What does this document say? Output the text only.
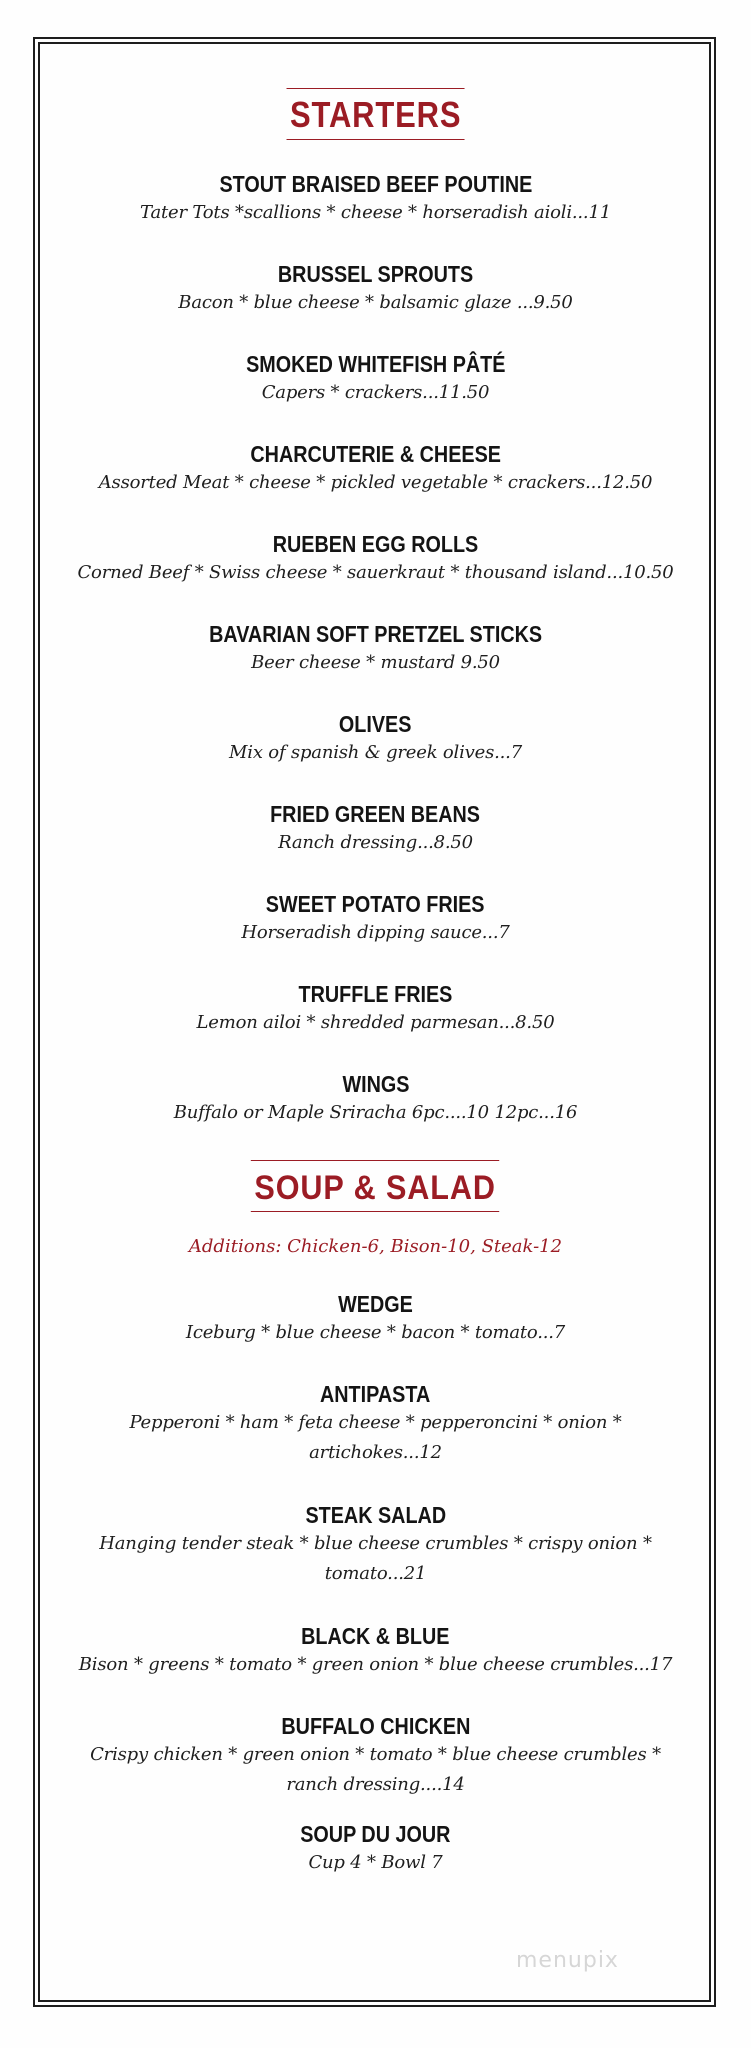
STARTERS
STOUT BRAISED BEEF POUTINE
Tater Tots *scallions * cheese * horseradish aioli...11
BRUSSEL SPROUTS
Bacon * blue cheese * balsamic glaze ...9.50
SMOKED WHITEFISH PÂTÉ
Capers * crackers...11.50
CHARCUTERIE & CHEESE
Assorted Meat * cheese * pickled vegetable * crackers...12.50
RUEBEN EGG ROLLS
Corned Beef * Swiss cheese * sauerkraut * thousand island...10.50
BAVARIAN SOFT PRETZEL STICKS
Beer cheese * mustard 9.50
OLIVES
Mix of spanish & greek olives...7
FRIED GREEN BEANS
Ranch dressing...8.50
SWEET POTATO FRIES
Horseradish dipping sauce...7
TRUFFLE FRIES
Lemon ailoi * shredded parmesan...8.50
WINGS
Buffalo or Maple Sriracha 6pc....10 12pc...16
SOUP & SALAD
Additions: Chicken-6, Bison-10, Steak-12
WEDGE
Iceburg * blue cheese * bacon * tomato...7
ANTIPASTA
Pepperoni * ham * feta cheese * pepperoncini * onion *
artichokes...12
STEAK SALAD
Hanging tender steak * blue cheese crumbles * crispy onion *
tomato...21
BLACK & BLUE
Bison * greens * tomato * green onion * blue cheese crumbles...17
BUFFALO CHICKEN
Crispy chicken * green onion * tomato * blue cheese crumbles *
ranch dressing....14
SOUP DU JOUR
Cup 4 * Bowl 7
menupix
